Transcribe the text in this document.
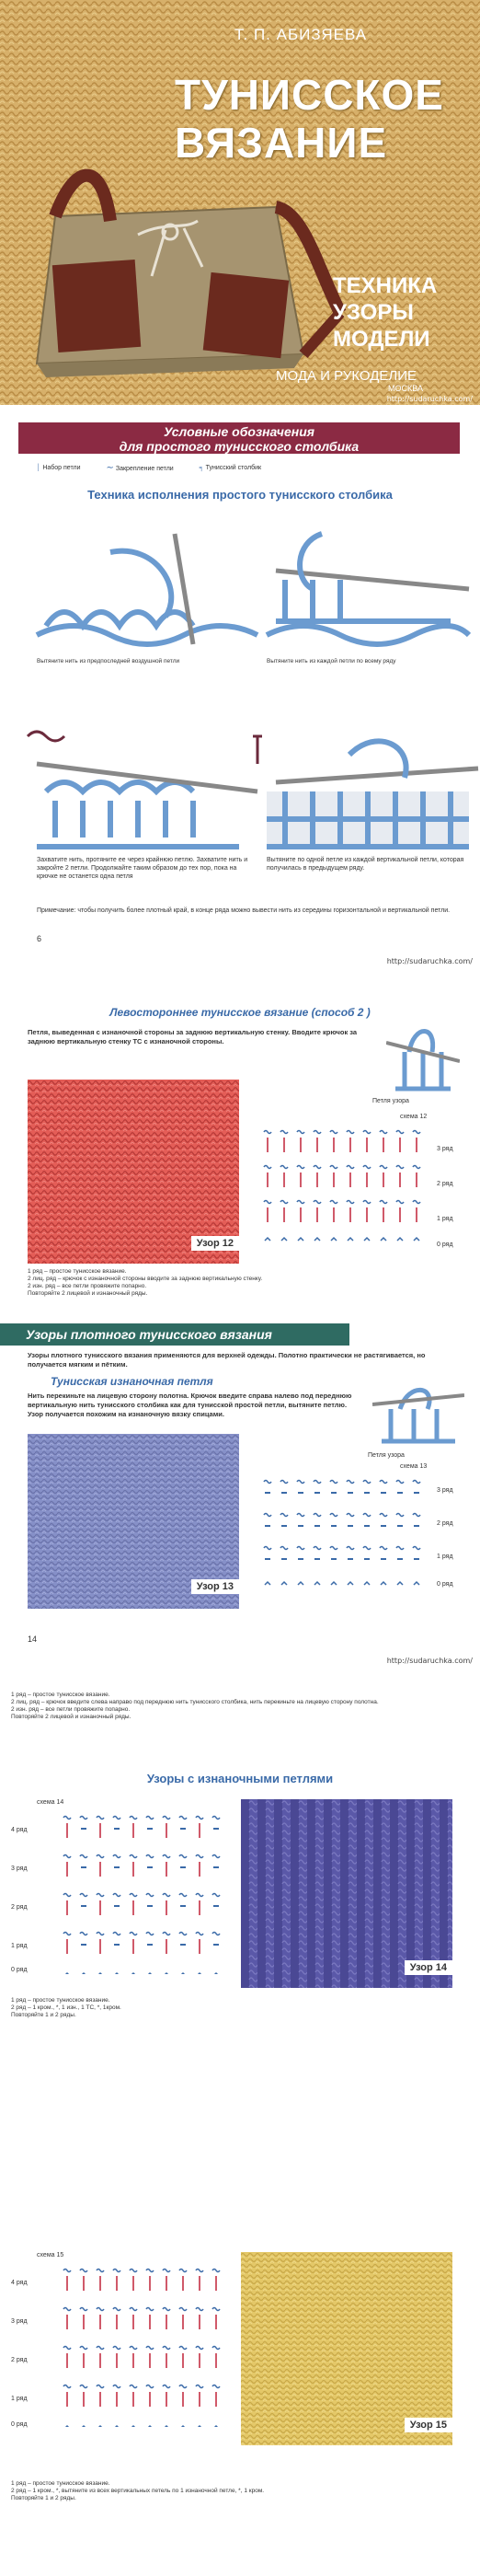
Т. П. АБИЗЯЕВА
ТУНИССКОЕ
ВЯЗАНИЕ
ТЕХНИКА
УЗОРЫ
МОДЕЛИ
МОДА И РУКОДЕЛИЕ
МОСКВА
http://sudaruchka.com/
Условные обозначения
для простого тунисского столбика
│ Набор петли	∼ Закрепление петли	╕ Тунисский столбик
Техника исполнения простого тунисского столбика
Вытяните нить из предпоследней воздушной петли	Вытяните нить из каждой петли по всему ряду
Захватите нить, протяните ее через крайнюю петлю. Захватите нить и закройте 2 петли. Продолжайте таким образом до тех пор, пока на крючке не останется одна петля
Вытяните по одной петле из каждой вертикальной петли, которая получилась в предыдущем ряду.
Примечание: чтобы получить более плотный край, в конце ряда можно вывести нить из середины горизонтальной и вертикальной петли.
6
http://sudaruchka.com/
Левостороннее тунисское вязание (способ 2 )
Петля, выведенная с изнаночной стороны за заднюю вертикальную стенку. Вводите крючок за заднюю вертикальную стенку ТС с изнаночной стороны.
Петля узора
Узор 12
схема 12
3 ряд
2 ряд
1 ряд
0 ряд
1 ряд – простое тунисское вязание.
2 лиц. ряд – крючок с изнаночной стороны вводите за заднюю вертикальную стенку.
2 изн. ряд – все петли провяжите попарно.
Повторяйте 2 лицевой и изнаночный ряды.
Узоры плотного тунисского вязания
Узоры плотного тунисского вязания применяются для верхней одежды. Полотно практически не растягивается, но получается мягким и пётким.
Тунисская изнаночная петля
Нить перекиньте на лицевую сторону полотна. Крючок введите справа налево под переднюю вертикальную нить тунисского столбика как для тунисской простой петли, вытяните петлю. Узор получается похожим на изнаночную вязку спицами.
Петля узора
Узор 13
схема 13
3 ряд
2 ряд
1 ряд
0 ряд
14
http://sudaruchka.com/
1 ряд – простое тунисское вязание.
2 лиц. ряд – крючок введите слева направо под переднюю нить тунисского столбика, нить перекиньте на лицевую сторону полотна.
2 изн. ряд – все петли провяжите попарно.
Повторяйте 2 лицевой и изнаночный ряды.
Узоры с изнаночными петлями
схема 14
4 ряд
3 ряд
2 ряд
1 ряд
0 ряд	Узор 14
1 ряд – простое тунисское вязание.
2 ряд – 1 кром., *, 1 изн., 1 ТС, *, 1кром.
Повторяйте 1 и 2 ряды.
схема 15
4 ряд
3 ряд
2 ряд
1 ряд
0 ряд	Узор 15
1 ряд – простое тунисское вязание.
2 ряд – 1 кром., *, вытяните из всех вертикальных петель по 1 изнаночной петле, *, 1 кром.
Повторяйте 1 и 2 ряды.
